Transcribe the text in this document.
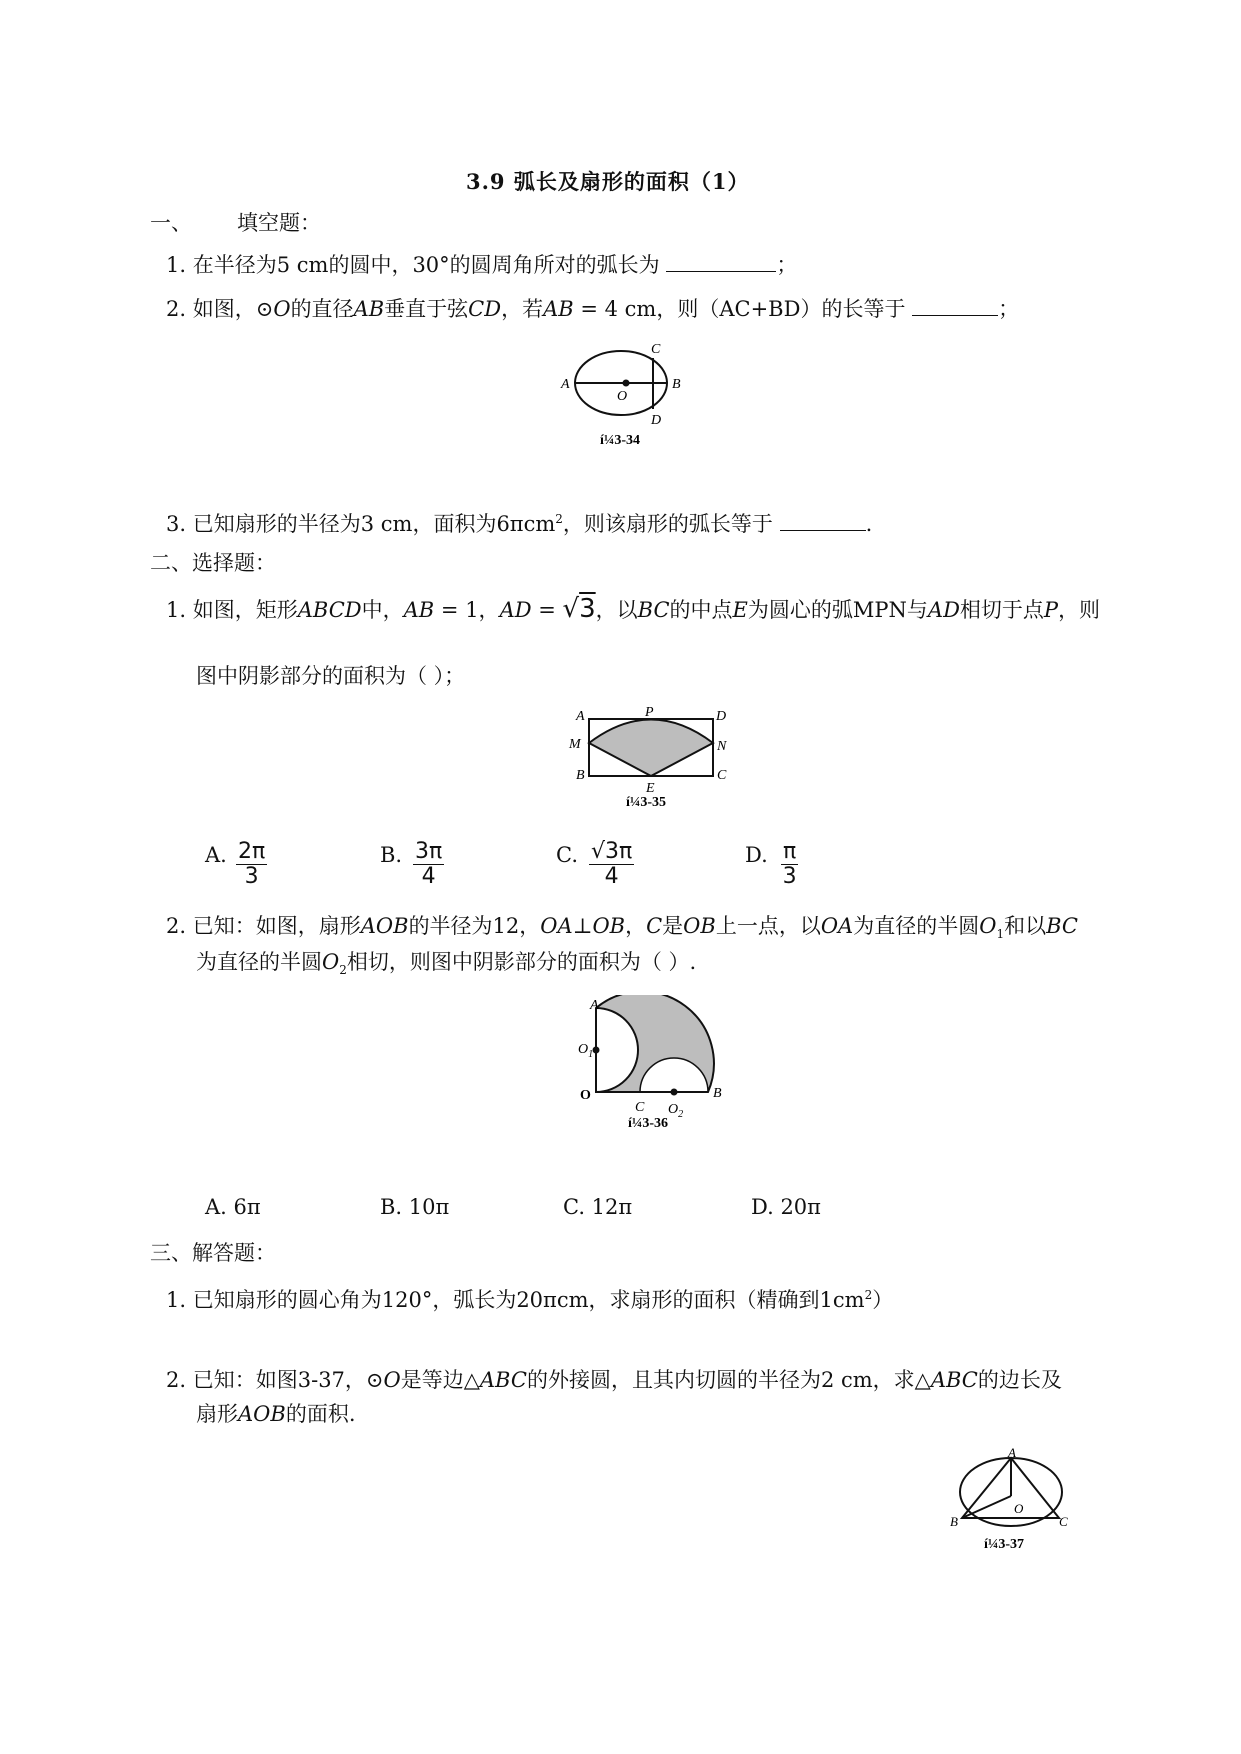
3.9 弧长及扇形的面积（1）
一、 填空题：
1. 在半径为5 cm的圆中，30°的圆周角所对的弧长为	；
2. 如图，⊙O的直径AB垂直于弦CD，若AB = 4 cm，则（AC+BD）的长等于	；
A	B
C
D
O
í¼3-34
3. 已知扇形的半径为3 cm，面积为6πcm$^2$，则该扇形的弧长等于	.
二、选择题：
1. 如图，矩形ABCD中，AB = 1，AD = √3，以BC的中点E为圆心的弧MPN与AD相切于点P，则
图中阴影部分的面积为（ ）；
A	P	D
M	N
B
E
C
í¼3-35
A. $\frac{2\pi}{3}$	B. $\frac{3\pi}{4}$	C. $\frac{√3\pi}{4}$	D. $\frac{\pi}{3}$
2. 已知：如图，扇形AOB的半径为12，OA⊥OB，C是OB上一点，以OA为直径的半圆$O_1$和以BC
为直径的半圆$O_2$相切，则图中阴影部分的面积为（ ）.
A
$O_1$
O
C $O_2$
B
í¼3-36
A. 6π	B. 10π	C. 12π	D. 20π
三、解答题：
1. 已知扇形的圆心角为120°，弧长为20πcm，求扇形的面积（精确到$1cm^2$）
2. 已知：如图3-37，⊙O是等边△ABC的外接圆，且其内切圆的半径为2 cm，求△ABC的边长及
扇形AOB的面积.
A
B	C
O
í¼3-37
